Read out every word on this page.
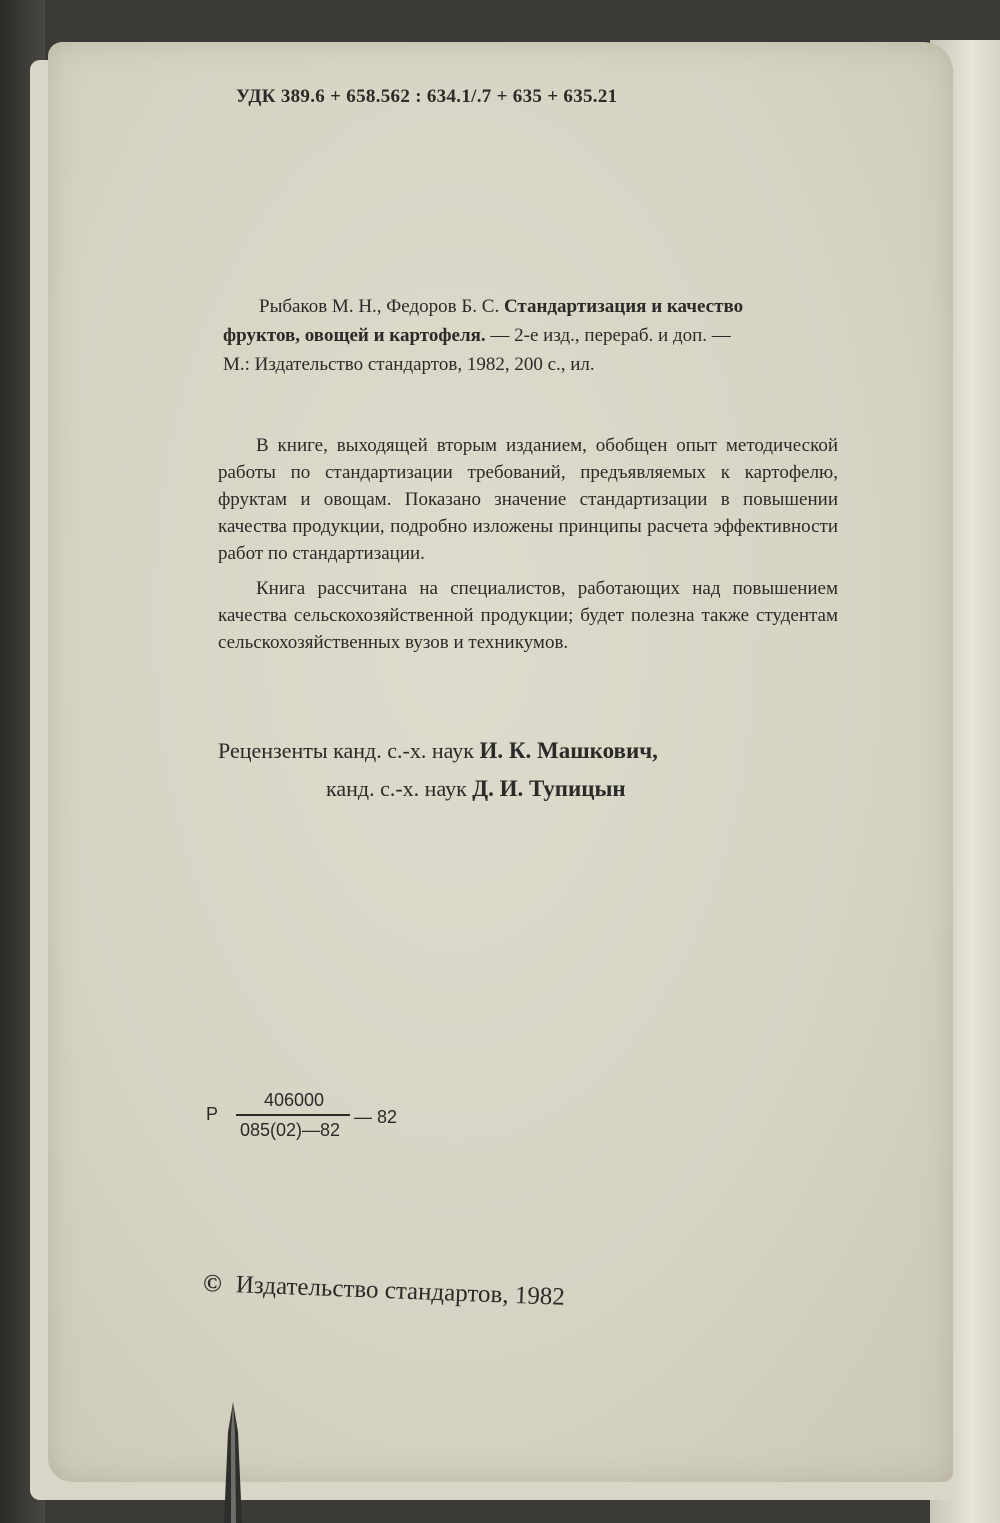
УДК 389.6 + 658.562 : 634.1/.7 + 635 + 635.21
Рыбаков М. Н., Федоров Б. С. Стандартизация и качество
фруктов, овощей и картофеля. — 2-е изд., перераб. и доп. —
М.: Издательство стандартов, 1982, 200 с., ил.

В книге, выходящей вторым изданием, обобщен опыт методической работы по стандартизации требований, предъявляемых к картофелю, фруктам и овощам. Показано значение стандартизации в повышении качества продукции, подробно изложены принципы расчета эффективности работ по стандартизации.

Книга рассчитана на специалистов, работающих над повышением качества сельскохозяйственной продукции; будет полезна также студентам сельскохозяйственных вузов и техникумов.

Рецензенты канд. с.-х. наук И. К. Машкович,
канд. с.-х. наук Д. И. Тупицын
Р
406000
085(02)—82
— 82
© Издательство стандартов, 1982
